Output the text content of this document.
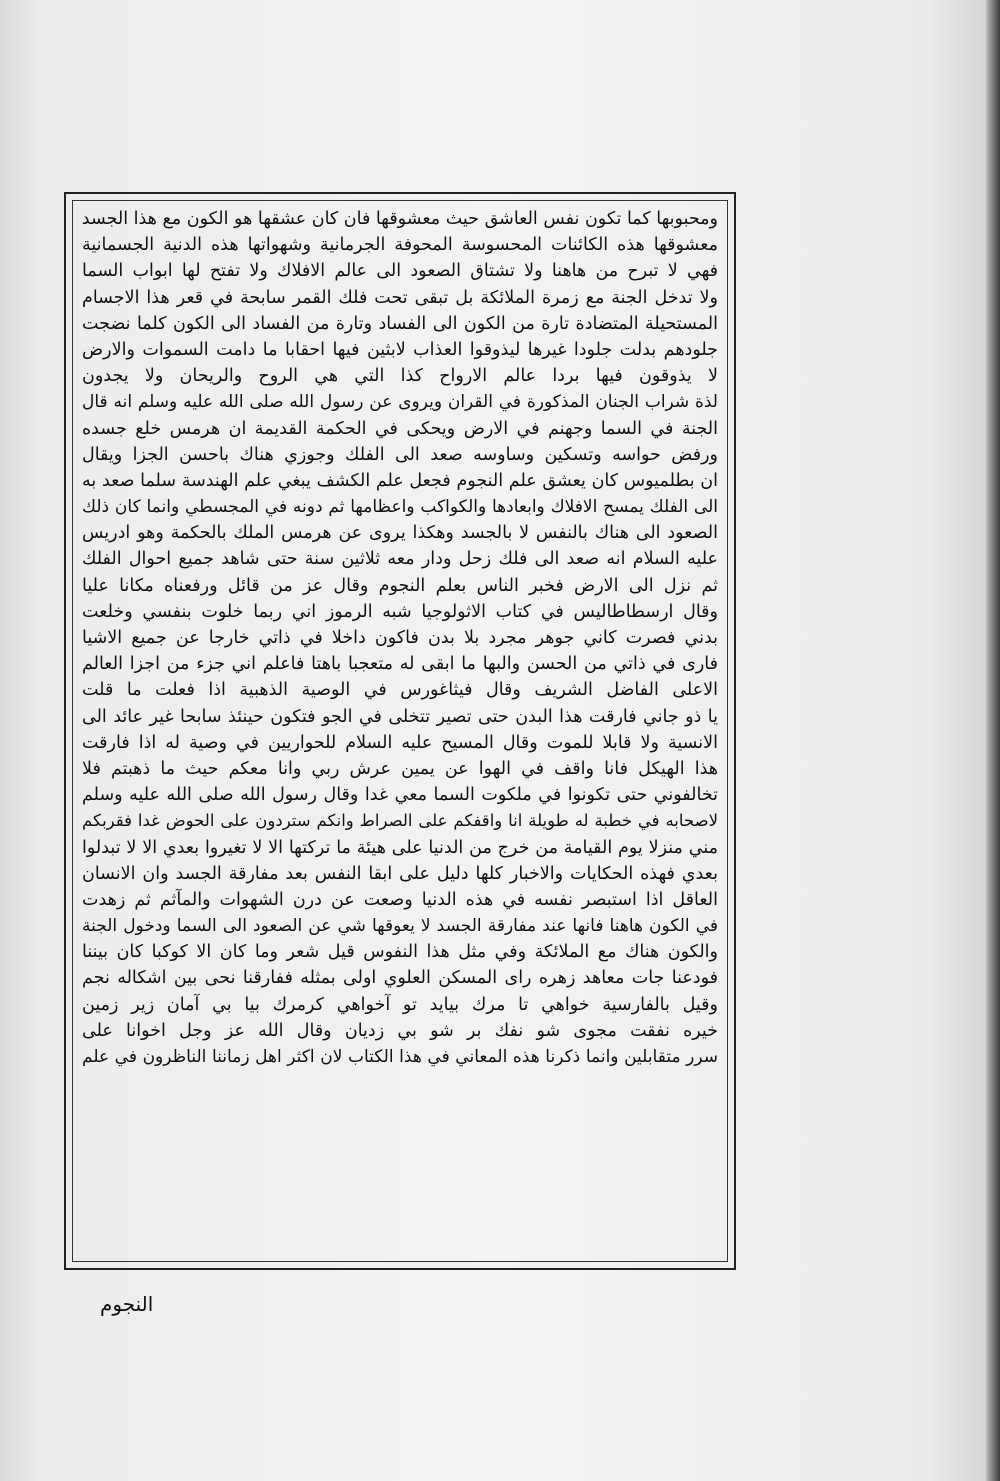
ومحبوبها كما تكون نفس العاشق حيث معشوقها فان كان عشقها هو الكون مع هذا الجسد
معشوقها هذه الكائنات المحسوسة المحوفة الجرمانية وشهواتها هذه الدنية الجسمانية
فهي لا تبرح من هاهنا ولا تشتاق الصعود الى عالم الافلاك ولا تفتح لها ابواب السما
ولا تدخل الجنة مع زمرة الملائكة بل تبقى تحت فلك القمر سابحة في قعر هذا الاجسام
المستحيلة المتضادة تارة من الكون الى الفساد وتارة من الفساد الى الكون كلما نضجت
جلودهم بدلت جلودا غيرها ليذوقوا العذاب لابثين فيها احقابا ما دامت السموات والارض
لا يذوقون فيها بردا عالم الارواح كذا التي هي الروح والريحان ولا يجدون
لذة شراب الجنان المذكورة في القران ويروى عن رسول الله صلى الله عليه وسلم انه قال
الجنة في السما وجهنم في الارض ويحكى في الحكمة القديمة ان هرمس خلع جسده
ورفض حواسه وتسكين وساوسه صعد الى الفلك وجوزي هناك باحسن الجزا ويقال
ان بطلميوس كان يعشق علم النجوم فجعل علم الكشف يبغي علم الهندسة سلما صعد به
الى الفلك يمسح الافلاك وابعادها والكواكب واعظامها ثم دونه في المجسطي وانما كان ذلك
الصعود الى هناك بالنفس لا بالجسد وهكذا يروى عن هرمس الملك بالحكمة وهو ادريس
عليه السلام انه صعد الى فلك زحل ودار معه ثلاثين سنة حتى شاهد جميع احوال الفلك
ثم نزل الى الارض فخبر الناس بعلم النجوم وقال عز من قائل ورفعناه مكانا عليا
وقال ارسطاطاليس في كتاب الاثولوجيا شبه الرموز اني ربما خلوت بنفسي وخلعت
بدني فصرت كاني جوهر مجرد بلا بدن فاكون داخلا في ذاتي خارجا عن جميع الاشيا
فارى في ذاتي من الحسن والبها ما ابقى له متعجبا باهتا فاعلم اني جزء من اجزا العالم
الاعلى الفاضل الشريف وقال فيثاغورس في الوصية الذهبية اذا فعلت ما قلت
يا ذو جاني فارقت هذا البدن حتى تصير تتخلى في الجو فتكون حينئذ سابحا غير عائد الى
الانسية ولا قابلا للموت وقال المسيح عليه السلام للحواريين في وصية له اذا فارقت
هذا الهيكل فانا واقف في الهوا عن يمين عرش ربي وانا معكم حيث ما ذهبتم فلا
تخالفوني حتى تكونوا في ملكوت السما معي غدا وقال رسول الله صلى الله عليه وسلم
لاصحابه في خطبة له طويلة انا واقفكم على الصراط وانكم ستردون على الحوض غدا فقربكم
مني منزلا يوم القيامة من خرج من الدنيا على هيئة ما تركتها الا لا تغيروا بعدي الا لا تبدلوا
بعدي فهذه الحكايات والاخبار كلها دليل على ابقا النفس بعد مفارقة الجسد وان الانسان
العاقل اذا استبصر نفسه في هذه الدنيا وصعت عن درن الشهوات والمآثم ثم زهدت
في الكون هاهنا فانها عند مفارقة الجسد لا يعوقها شي عن الصعود الى السما ودخول الجنة
والكون هناك مع الملائكة وفي مثل هذا النفوس قيل شعر وما كان الا كوكبا كان بيننا
فودعنا جات معاهد زهره راى المسكن العلوي اولى بمثله ففارقنا نحى بين اشكاله نجم
وقيل بالفارسية خواهي تا مرك بيايد تو آخواهي كرمرك بيا بي آمان زير زمين
خيره نفقت مجوى شو نفك بر شو بي زديان وقال الله عز وجل اخوانا على
سرر متقابلين وانما ذكرنا هذه المعاني في هذا الكتاب لان اكثر اهل زماننا الناظرون في علم
النجوم
